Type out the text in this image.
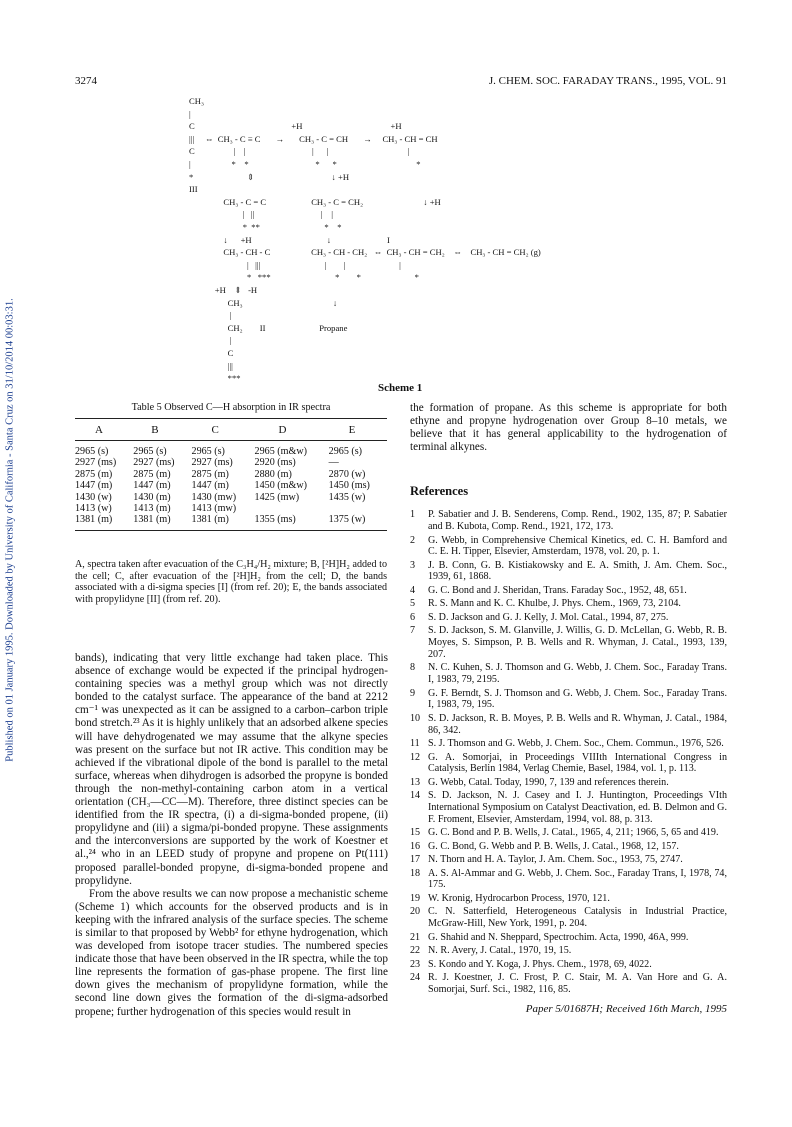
Published on 01 January 1995. Downloaded by University of California - Santa Cruz on 31/10/2014 00:03:31.
3274	J. CHEM. SOC. FARADAY TRANS., 1995, VOL. 91
CH₃
|
C                                             +H                                         +H
|||     ⇔  CH₃ - C ≡ C       →       CH₃ - C = CH       →     CH₃ - CH = CH
C                  |    |                               |      |                                     |
|                   *    *                               *      *                                     *
*                         ⇕                                    ↓ +H
III
CH₃ - C = C                     CH₃ - C = CH₂                            ↓ +H
|   ||                               |    |
*  **                              *    *
↓      +H                                   ↓                          I
CH₃ - CH - C                   CH₃ - CH - CH₂   ⇔  CH₃ - CH = CH₂    ⇔    CH₃ - CH = CH₂ (g)
|   |||                              |        |                         |
*   ***                              *        *                         *
+H    ⇕   -H
CH₃                                          ↓
|
CH₂        II                         Propane
|
C
|||
***
Scheme 1
Table 5 Observed C—H absorption in IR spectra
A	B	C	D	E
2965 (s)	2965 (s)	2965 (s)	2965 (m&w)	2965 (s)
2927 (ms)	2927 (ms)	2927 (ms)	2920 (ms)	—
2875 (m)	2875 (m)	2875 (m)	2880 (m)	2870 (w)
1447 (m)	1447 (m)	1447 (m)	1450 (m&w)	1450 (ms)
1430 (w)	1430 (m)	1430 (mw)	1425 (mw)	1435 (w)
1413 (w)	1413 (m)	1413 (mw)		
1381 (m)	1381 (m)	1381 (m)	1355 (ms)	1375 (w)
A, spectra taken after evacuation of the C₃H₄/H₂ mixture; B, [²H]H₂ added to the cell; C, after evacuation of the [²H]H₂ from the cell; D, the bands associated with a di-sigma species [I] (from ref. 20); E, the bands associated with propylidyne [II] (from ref. 20).

bands), indicating that very little exchange had taken place. This absence of exchange would be expected if the principal hydrogen-containing species was a methyl group which was not directly bonded to the catalyst surface. The appearance of the band at 2212 cm⁻¹ was unexpected as it can be assigned to a carbon–carbon triple bond stretch.²³ As it is highly unlikely that an adsorbed alkene species will have dehydrogenated we may assume that the alkyne species was present on the surface but not IR active. This condition may be achieved if the vibrational dipole of the bond is parallel to the metal surface, whereas when dihydrogen is adsorbed the propyne is bonded through the non-methyl-containing carbon atom in a vertical orientation (CH₃—CC—M). Therefore, three distinct species can be identified from the IR spectra, (i) a di-sigma-bonded propene, (ii) propylidyne and (iii) a sigma/pi-bonded propyne. These assignments and the interconversions are supported by the work of Koestner et al.,²⁴ who in an LEED study of propyne and propene on Pt(111) proposed parallel-bonded propyne, di-sigma-bonded propene and propylidyne.

From the above results we can now propose a mechanistic scheme (Scheme 1) which accounts for the observed products and is in keeping with the infrared analysis of the surface species. The scheme is similar to that proposed by Webb² for ethyne hydrogenation, which was developed from isotope tracer studies. The numbered species indicate those that have been observed in the IR spectra, while the top line represents the formation of gas-phase propene. The first line down gives the mechanism of propylidyne formation, while the second line down gives the formation of the di-sigma-adsorbed propene; further hydrogenation of this species would result in

the formation of propane. As this scheme is appropriate for both ethyne and propyne hydrogenation over Group 8–10 metals, we believe that it has general applicability to the hydrogenation of terminal alkynes.
References
1	P. Sabatier and J. B. Senderens, Comp. Rend., 1902, 135, 87; P. Sabatier and B. Kubota, Comp. Rend., 1921, 172, 173.
2	G. Webb, in Comprehensive Chemical Kinetics, ed. C. H. Bamford and C. E. H. Tipper, Elsevier, Amsterdam, 1978, vol. 20, p. 1.
3	J. B. Conn, G. B. Kistiakowsky and E. A. Smith, J. Am. Chem. Soc., 1939, 61, 1868.
4	G. C. Bond and J. Sheridan, Trans. Faraday Soc., 1952, 48, 651.
5	R. S. Mann and K. C. Khulbe, J. Phys. Chem., 1969, 73, 2104.
6	S. D. Jackson and G. J. Kelly, J. Mol. Catal., 1994, 87, 275.
7	S. D. Jackson, S. M. Glanville, J. Willis, G. D. McLellan, G. Webb, R. B. Moyes, S. Simpson, P. B. Wells and R. Whyman, J. Catal., 1993, 139, 207.
8	N. C. Kuhen, S. J. Thomson and G. Webb, J. Chem. Soc., Faraday Trans. I, 1983, 79, 2195.
9	G. F. Berndt, S. J. Thomson and G. Webb, J. Chem. Soc., Faraday Trans. I, 1983, 79, 195.
10 S. D. Jackson, R. B. Moyes, P. B. Wells and R. Whyman, J. Catal., 1984, 86, 342.
11 S. J. Thomson and G. Webb, J. Chem. Soc., Chem. Commun., 1976, 526.
12 G. A. Somorjai, in Proceedings VIIIth International Congress in Catalysis, Berlin 1984, Verlag Chemie, Basel, 1984, vol. 1, p. 113.
13 G. Webb, Catal. Today, 1990, 7, 139 and references therein.
14 S. D. Jackson, N. J. Casey and I. J. Huntington, Proceedings VIth International Symposium on Catalyst Deactivation, ed. B. Delmon and G. F. Froment, Elsevier, Amsterdam, 1994, vol. 88, p. 313.
15 G. C. Bond and P. B. Wells, J. Catal., 1965, 4, 211; 1966, 5, 65 and 419.
16 G. C. Bond, G. Webb and P. B. Wells, J. Catal., 1968, 12, 157.
17 N. Thorn and H. A. Taylor, J. Am. Chem. Soc., 1953, 75, 2747.
18 A. S. Al-Ammar and G. Webb, J. Chem. Soc., Faraday Trans, I, 1978, 74, 175.
19 W. Kronig, Hydrocarbon Process, 1970, 121.
20 C. N. Satterfield, Heterogeneous Catalysis in Industrial Practice, McGraw-Hill, New York, 1991, p. 204.
21 G. Shahid and N. Sheppard, Spectrochim. Acta, 1990, 46A, 999.
22 N. R. Avery, J. Catal., 1970, 19, 15.
23 S. Kondo and Y. Koga, J. Phys. Chem., 1978, 69, 4022.
24 R. J. Koestner, J. C. Frost, P. C. Stair, M. A. Van Hore and G. A. Somorjai, Surf. Sci., 1982, 116, 85.
Paper 5/01687H; Received 16th March, 1995
